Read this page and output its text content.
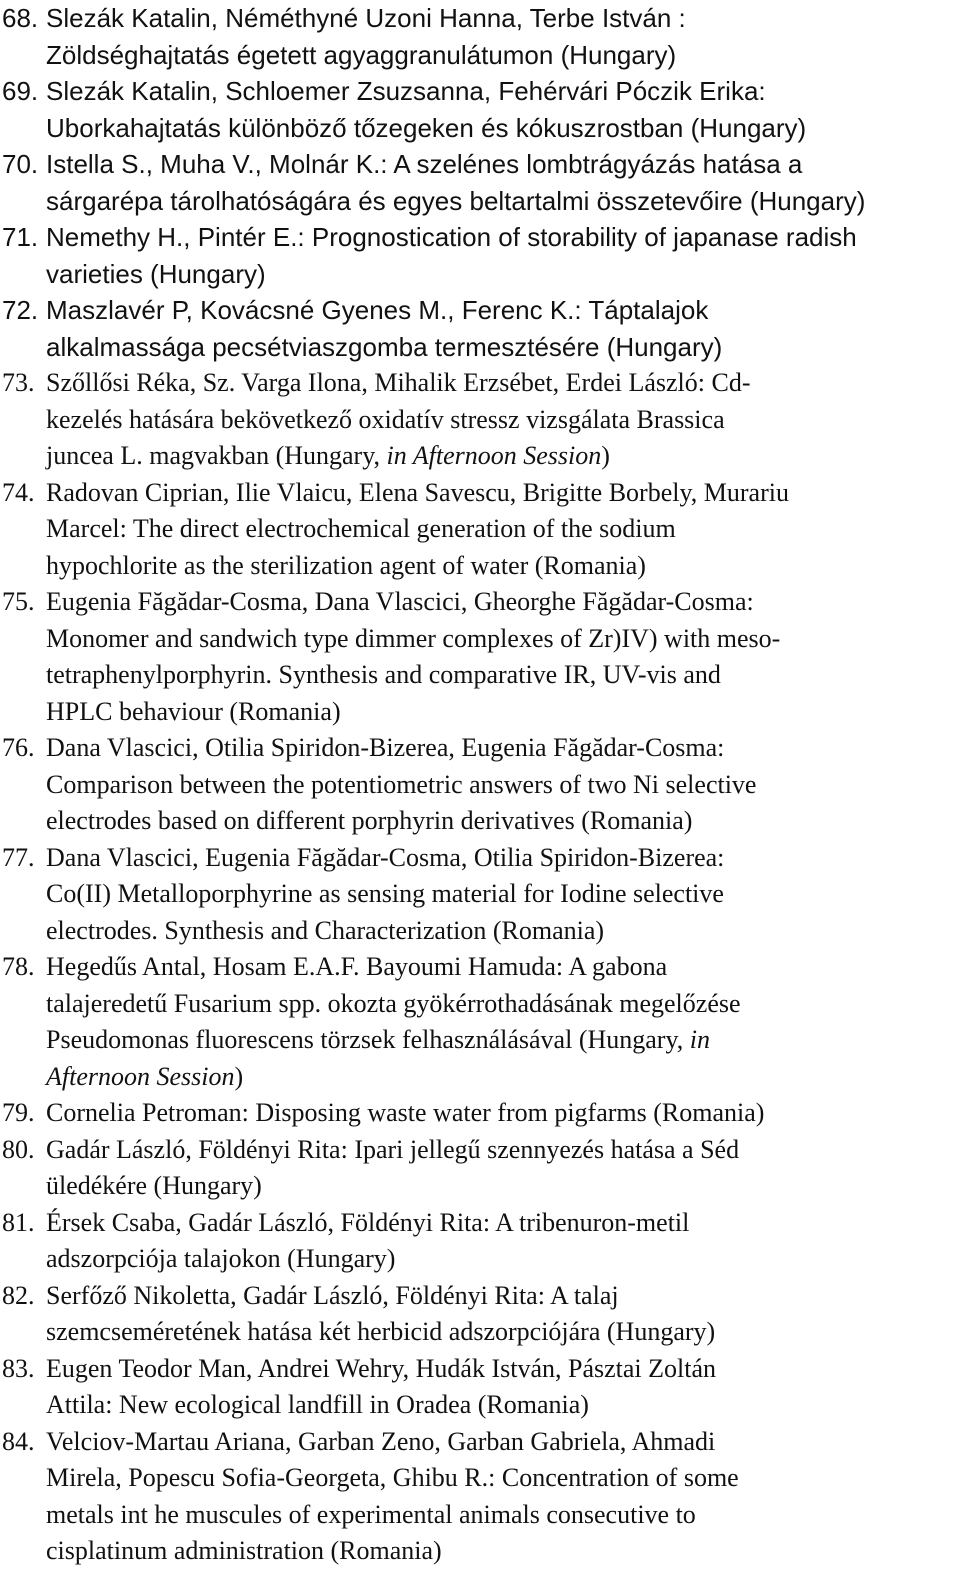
68. Slezák Katalin, Néméthyné Uzoni Hanna, Terbe István :
Zöldséghajtatás égetett agyaggranulátumon (Hungary)
69. Slezák Katalin, Schloemer Zsuzsanna, Fehérvári Póczik Erika:
Uborkahajtatás különböző tőzegeken és kókuszrostban (Hungary)
70. Istella S., Muha V., Molnár K.: A szelénes lombtrágyázás hatása a
sárgarépa tárolhatóságára és egyes beltartalmi összetevőire (Hungary)
71. Nemethy H., Pintér E.: Prognostication of storability of japanase radish
varieties (Hungary)
72. Maszlavér P, Kovácsné Gyenes M., Ferenc K.: Táptalajok
alkalmassága pecsétviaszgomba termesztésére (Hungary)
73. Szőllősi Réka, Sz. Varga Ilona, Mihalik Erzsébet, Erdei László: Cd-
kezelés hatására bekövetkező oxidatív stressz vizsgálata Brassica
juncea L. magvakban (Hungary, in Afternoon Session)
74. Radovan Ciprian, Ilie Vlaicu, Elena Savescu, Brigitte Borbely, Murariu
Marcel: The direct electrochemical generation of the sodium
hypochlorite as the sterilization agent of water (Romania)
75. Eugenia Făgădar-Cosma, Dana Vlascici, Gheorghe Făgădar-Cosma:
Monomer and sandwich type dimmer complexes of Zr)IV) with meso-
tetraphenylporphyrin. Synthesis and comparative IR, UV-vis and
HPLC behaviour (Romania)
76. Dana Vlascici, Otilia Spiridon-Bizerea, Eugenia Făgădar-Cosma:
Comparison between the potentiometric answers of two Ni selective
electrodes based on different porphyrin derivatives (Romania)
77. Dana Vlascici, Eugenia Făgădar-Cosma, Otilia Spiridon-Bizerea:
Co(II) Metalloporphyrine as sensing material for Iodine selective
electrodes. Synthesis and Characterization (Romania)
78. Hegedűs Antal, Hosam E.A.F. Bayoumi Hamuda: A gabona
talajeredetű Fusarium spp. okozta gyökérrothadásának megelőzése
Pseudomonas fluorescens törzsek felhasználásával (Hungary, in
Afternoon Session)
79. Cornelia Petroman: Disposing waste water from pigfarms (Romania)
80. Gadár László, Földényi Rita: Ipari jellegű szennyezés hatása a Séd
üledékére (Hungary)
81. Érsek Csaba, Gadár László, Földényi Rita: A tribenuron-metil
adszorpciója talajokon (Hungary)
82. Serfőző Nikoletta, Gadár László, Földényi Rita: A talaj
szemcseméretének hatása két herbicid adszorpciójára (Hungary)
83. Eugen Teodor Man, Andrei Wehry, Hudák István, Pásztai Zoltán
Attila: New ecological landfill in Oradea (Romania)
84. Velciov-Martau Ariana, Garban Zeno, Garban Gabriela, Ahmadi
Mirela, Popescu Sofia-Georgeta, Ghibu R.: Concentration of some
metals int he muscules of experimental animals consecutive to
cisplatinum administration (Romania)
